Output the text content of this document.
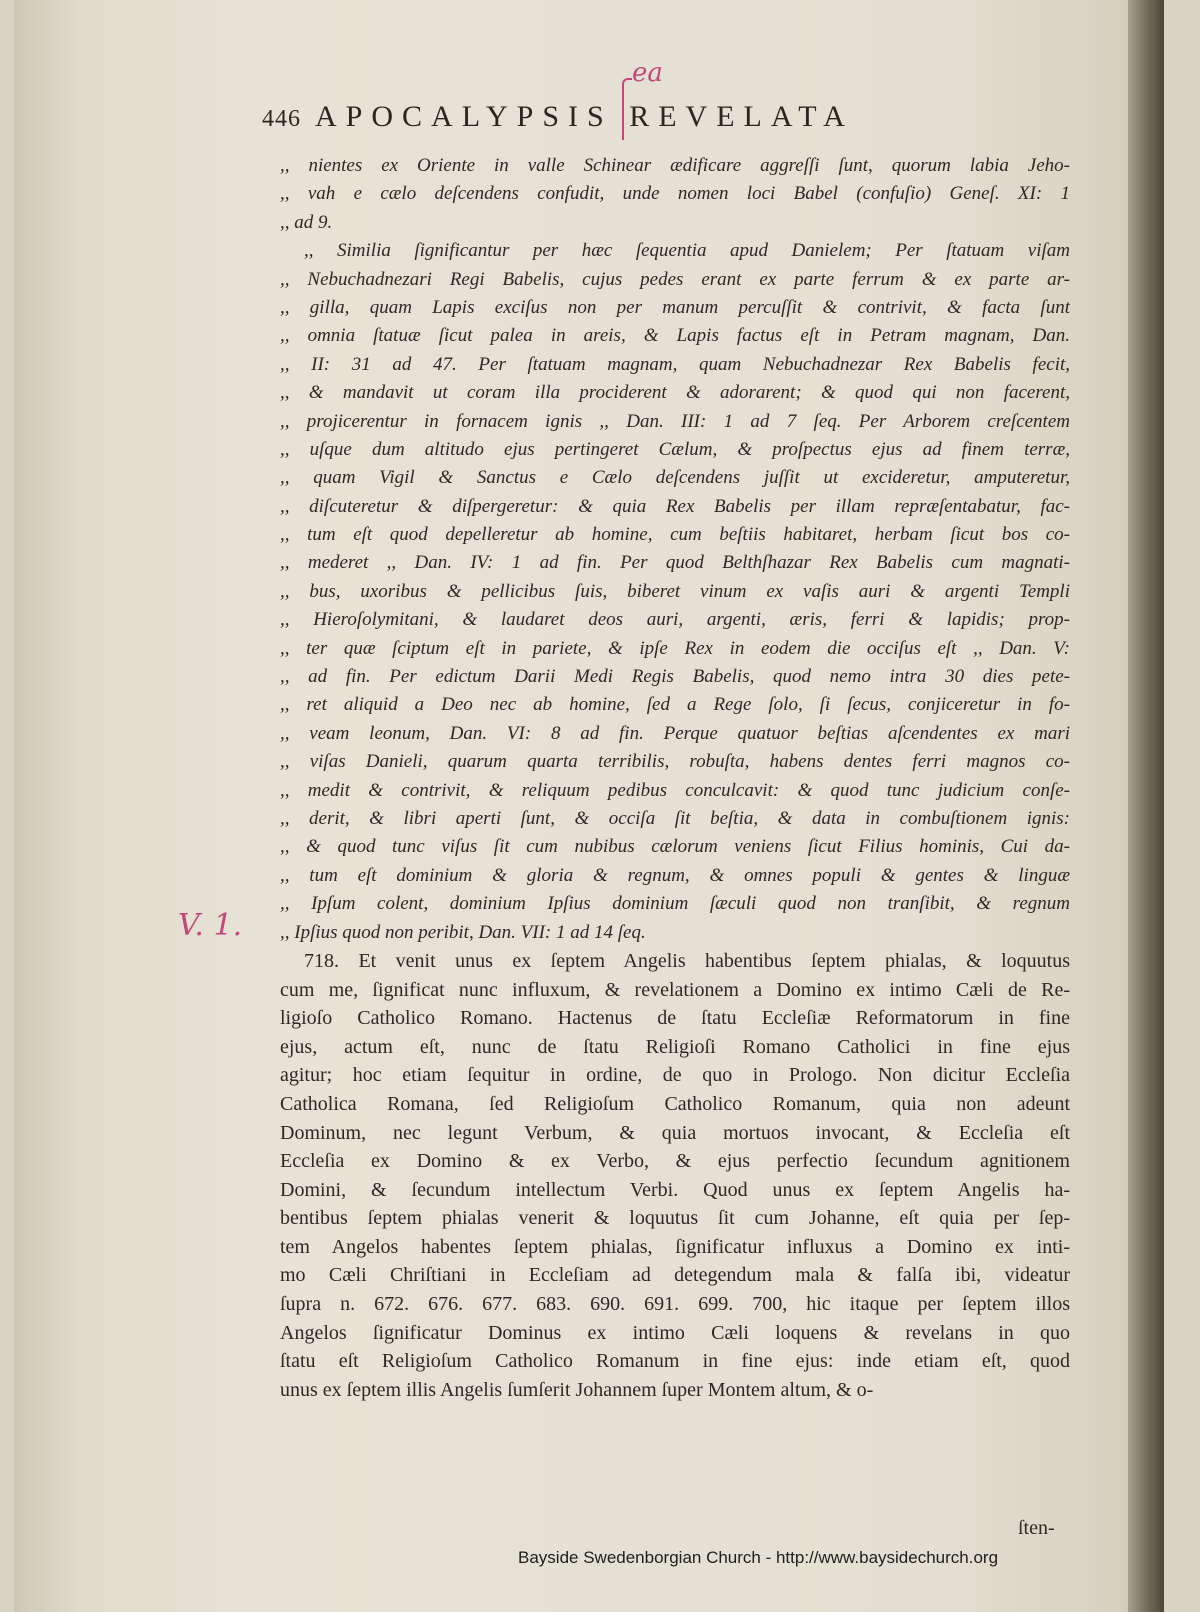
446 APOCALYPSIS REVELATA
ea
V. 1.
,, nientes ex Oriente in valle Schinear ædificare aggreſſi ſunt, quorum labia Jeho-
,, vah e cælo deſcendens confudit, unde nomen loci Babel (confuſio) Geneſ. XI: 1
,, ad 9.
,, Similia ſignificantur per hæc ſequentia apud Danielem; Per ſtatuam viſam
,, Nebuchadnezari Regi Babelis, cujus pedes erant ex parte ferrum & ex parte ar-
,, gilla, quam Lapis exciſus non per manum percuſſit & contrivit, & facta ſunt
,, omnia ſtatuæ ſicut palea in areis, & Lapis factus eſt in Petram magnam, Dan.
,, II: 31 ad 47. Per ſtatuam magnam, quam Nebuchadnezar Rex Babelis fecit,
,, & mandavit ut coram illa prociderent & adorarent; & quod qui non facerent,
,, projicerentur in fornacem ignis ,, Dan. III: 1 ad 7 ſeq. Per Arborem creſcentem
,, uſque dum altitudo ejus pertingeret Cælum, & proſpectus ejus ad finem terræ,
,, quam Vigil & Sanctus e Cælo deſcendens juſſit ut excideretur, amputeretur,
,, diſcuteretur & diſpergeretur: & quia Rex Babelis per illam repræſentabatur, fac-
,, tum eſt quod depelleretur ab homine, cum beſtiis habitaret, herbam ſicut bos co-
,, mederet ,, Dan. IV: 1 ad fin. Per quod Belthſhazar Rex Babelis cum magnati-
,, bus, uxoribus & pellicibus ſuis, biberet vinum ex vaſis auri & argenti Templi
,, Hieroſolymitani, & laudaret deos auri, argenti, æris, ferri & lapidis; prop-
,, ter quæ ſciptum eſt in pariete, & ipſe Rex in eodem die occiſus eſt ,, Dan. V:
,, ad fin. Per edictum Darii Medi Regis Babelis, quod nemo intra 30 dies pete-
,, ret aliquid a Deo nec ab homine, ſed a Rege ſolo, ſi ſecus, conjiceretur in fo-
,, veam leonum, Dan. VI: 8 ad fin. Perque quatuor beſtias aſcendentes ex mari
,, viſas Danieli, quarum quarta terribilis, robuſta, habens dentes ferri magnos co-
,, medit & contrivit, & reliquum pedibus conculcavit: & quod tunc judicium conſe-
,, derit, & libri aperti ſunt, & occiſa ſit beſtia, & data in combuſtionem ignis:
,, & quod tunc viſus ſit cum nubibus cælorum veniens ſicut Filius hominis, Cui da-
,, tum eſt dominium & gloria & regnum, & omnes populi & gentes & linguæ
,, Ipſum colent, dominium Ipſius dominium ſæculi quod non tranſibit, & regnum
,, Ipſius quod non peribit, Dan. VII: 1 ad 14 ſeq.
718. Et venit unus ex ſeptem Angelis habentibus ſeptem phialas, & loquutus
cum me, ſignificat nunc influxum, & revelationem a Domino ex intimo Cæli de Re-
ligioſo Catholico Romano. Hactenus de ſtatu Eccleſiæ Reformatorum in fine
ejus, actum eſt, nunc de ſtatu Religioſi Romano Catholici in fine ejus
agitur; hoc etiam ſequitur in ordine, de quo in Prologo. Non dicitur Eccleſia
Catholica Romana, ſed Religioſum Catholico Romanum, quia non adeunt
Dominum, nec legunt Verbum, & quia mortuos invocant, & Eccleſia eſt
Eccleſia ex Domino & ex Verbo, & ejus perfectio ſecundum agnitionem
Domini, & ſecundum intellectum Verbi. Quod unus ex ſeptem Angelis ha-
bentibus ſeptem phialas venerit & loquutus ſit cum Johanne, eſt quia per ſep-
tem Angelos habentes ſeptem phialas, ſignificatur influxus a Domino ex inti-
mo Cæli Chriſtiani in Eccleſiam ad detegendum mala & falſa ibi, videatur
ſupra n. 672. 676. 677. 683. 690. 691. 699. 700, hic itaque per ſeptem illos
Angelos ſignificatur Dominus ex intimo Cæli loquens & revelans in quo
ſtatu eſt Religioſum Catholico Romanum in fine ejus: inde etiam eſt, quod
unus ex ſeptem illis Angelis ſumſerit Johannem ſuper Montem altum, & o-
ſten-
Bayside Swedenborgian Church - http://www.baysidechurch.org
